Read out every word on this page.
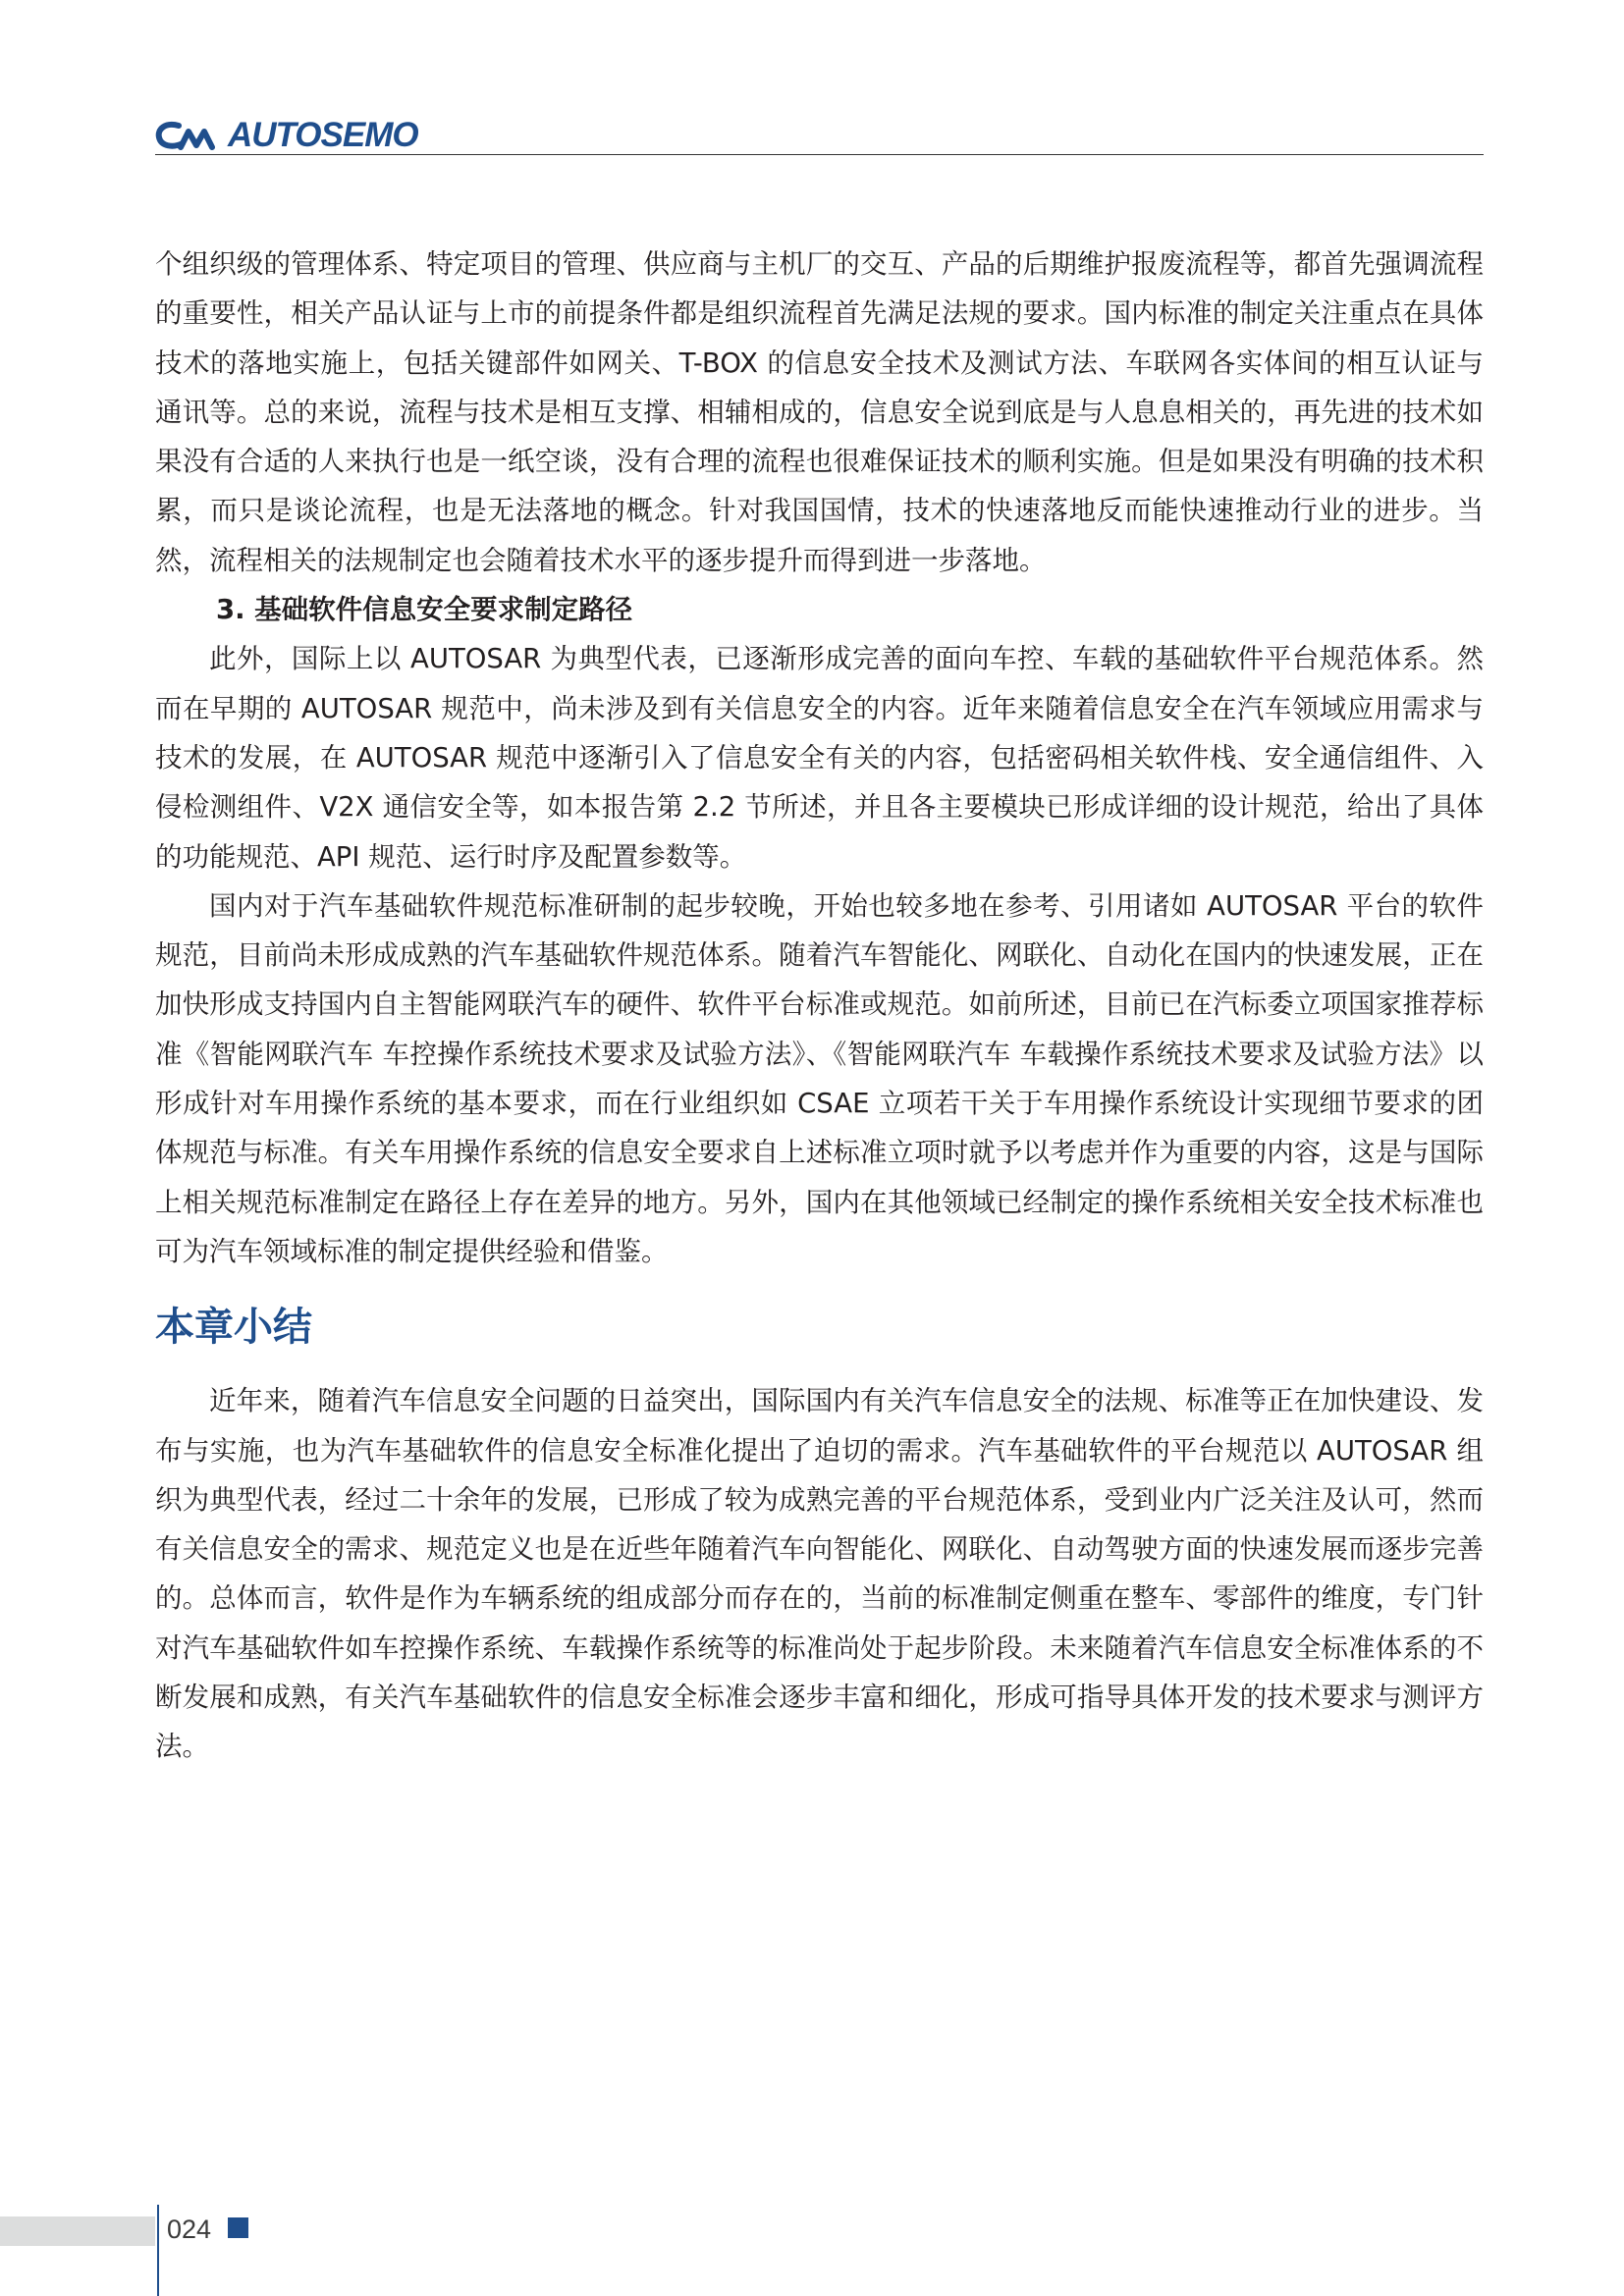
AUTOSEMO

个组织级的管理体系、特定项目的管理、供应商与主机厂的交互、产品的后期维护报废流程等，都首先强调流程的重要性，相关产品认证与上市的前提条件都是组织流程首先满足法规的要求。国内标准的制定关注重点在具体技术的落地实施上，包括关键部件如网关、T-BOX 的信息安全技术及测试方法、车联网各实体间的相互认证与通讯等。总的来说，流程与技术是相互支撑、相辅相成的，信息安全说到底是与人息息相关的，再先进的技术如果没有合适的人来执行也是一纸空谈，没有合理的流程也很难保证技术的顺利实施。但是如果没有明确的技术积累，而只是谈论流程，也是无法落地的概念。针对我国国情，技术的快速落地反而能快速推动行业的进步。当然，流程相关的法规制定也会随着技术水平的逐步提升而得到进一步落地。

3. 基础软件信息安全要求制定路径

此外，国际上以 AUTOSAR 为典型代表，已逐渐形成完善的面向车控、车载的基础软件平台规范体系。然而在早期的 AUTOSAR 规范中，尚未涉及到有关信息安全的内容。近年来随着信息安全在汽车领域应用需求与技术的发展，在 AUTOSAR 规范中逐渐引入了信息安全有关的内容，包括密码相关软件栈、安全通信组件、入侵检测组件、V2X 通信安全等，如本报告第 2.2 节所述，并且各主要模块已形成详细的设计规范，给出了具体的功能规范、API 规范、运行时序及配置参数等。

国内对于汽车基础软件规范标准研制的起步较晚，开始也较多地在参考、引用诸如 AUTOSAR 平台的软件规范，目前尚未形成成熟的汽车基础软件规范体系。随着汽车智能化、网联化、自动化在国内的快速发展，正在加快形成支持国内自主智能网联汽车的硬件、软件平台标准或规范。如前所述，目前已在汽标委立项国家推荐标准《智能网联汽车 车控操作系统技术要求及试验方法》、《智能网联汽车 车载操作系统技术要求及试验方法》以形成针对车用操作系统的基本要求，而在行业组织如 CSAE 立项若干关于车用操作系统设计实现细节要求的团体规范与标准。有关车用操作系统的信息安全要求自上述标准立项时就予以考虑并作为重要的内容，这是与国际上相关规范标准制定在路径上存在差异的地方。另外，国内在其他领域已经制定的操作系统相关安全技术标准也可为汽车领域标准的制定提供经验和借鉴。

本章小结

近年来，随着汽车信息安全问题的日益突出，国际国内有关汽车信息安全的法规、标准等正在加快建设、发布与实施，也为汽车基础软件的信息安全标准化提出了迫切的需求。汽车基础软件的平台规范以 AUTOSAR 组织为典型代表，经过二十余年的发展，已形成了较为成熟完善的平台规范体系，受到业内广泛关注及认可，然而有关信息安全的需求、规范定义也是在近些年随着汽车向智能化、网联化、自动驾驶方面的快速发展而逐步完善的。总体而言，软件是作为车辆系统的组成部分而存在的，当前的标准制定侧重在整车、零部件的维度，专门针对汽车基础软件如车控操作系统、车载操作系统等的标准尚处于起步阶段。未来随着汽车信息安全标准体系的不断发展和成熟，有关汽车基础软件的信息安全标准会逐步丰富和细化，形成可指导具体开发的技术要求与测评方法。

024
